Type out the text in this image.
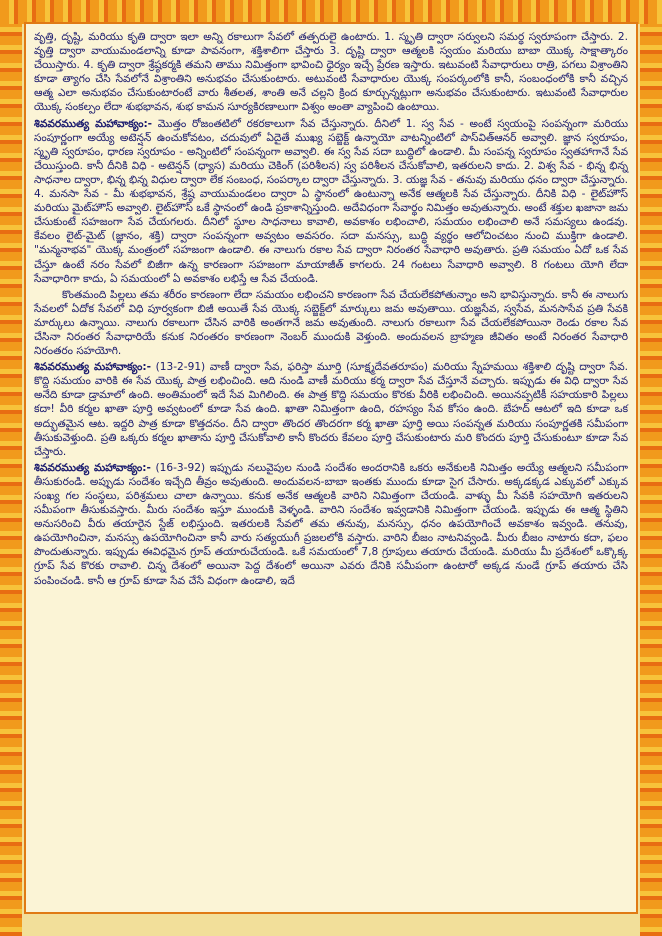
వృత్తి, దృష్టి, మరియు కృతి ద్వారా ఇలా అన్ని రకాలుగా సేవలో తత్పరులై ఉంటారు. 1. స్మృతి ద్వారా సర్వులని సమర్థ స్వరూపంగా చేస్తారు. 2. వృత్తి ద్వారా వాయుమండలాన్ని కూడా పావనంగా, శక్తిశాలిగా చేస్తారు 3. దృష్టి ద్వారా ఆత్మలకి స్వయం మరియు బాబా యొక్క సాక్షాత్కారం చేయిస్తారు. 4. కృతి ద్వారా శ్రేష్ఠకర్మకి తమని తాము నిమిత్తంగా భావించి ధైర్యం ఇచ్చే ప్రేరణ ఇస్తారు. ఇటువంటి సేవాధారులు రాత్రి, పగలు విశ్రాంతిని కూడా త్యాగం చేసి సేవలోనే విశ్రాంతిని అనుభవం చేసుకుంటారు. అటువంటి సేవాధారుల యొక్క సంపర్కంలోకి కానీ, సంబంధంలోకి కానీ వచ్చిన ఆత్మ ఎలా అనుభవం చేసుకుంటారంటే వారు శీతలత, శాంతి అనే చల్లని క్రింద కూర్చున్నట్లుగా అనుభవం చేసుకుంటారు. ఇటువంటి సేవాధారుల యొక్క సంకల్పం లేదా శుభభావన, శుభ కామన సూర్యకిరణాలుగా విశ్వం అంతా వ్యాపించి ఉంటాయి.

శివవరముత్య మహావాక్యం:- మొత్తం రోజంతటిలో రకరకాలుగా సేవ చేస్తున్నారు. దీనిలో 1. స్వ సేవ - అంటే స్వయంపై సంపన్నంగా మరియు సంపూర్ణంగా అయ్యే అటెన్షన్ ఉంచుకోవటం, చదువులో ఏదైతే ముఖ్య సబ్జెక్ట్ ఉన్నాయో వాటన్నింటిలో పాస్‌విత్‌ఆనర్ అవ్వాలి. జ్ఞాన స్వరూపం, స్మృతి స్వరూపం, ధారణ స్వరూపం - అన్నింటిలో సంపన్నంగా అవ్వాలి. ఈ స్వ సేవ సదా బుద్ధిలో ఉండాలి. మీ సంపన్న స్వరూపం స్వతహాగానే సేవ చేయిస్తుంది. కానీ దీనికి విధి - అటెన్షన్ (ధ్యాస) మరియు చెకింగ్ (పరిశీలన) స్వ పరిశీలన చేసుకోవాలి, ఇతరులని కాదు. 2. విశ్వ సేవ - భిన్న భిన్న సాధనాల ద్వారా, భిన్న భిన్న విధుల ద్వారా లేక సంబంధ, సంపర్కాల ద్వారా చేస్తున్నారు. 3. యజ్ఞ సేవ - తనువు మరియు ధనం ద్వారా చేస్తున్నారు. 4. మనసా సేవ - మీ శుభభావన, శ్రేష్ఠ వాయుమండలం ద్వారా ఏ స్థానంలో ఉంటున్నా అనేక ఆత్మలకి సేవ చేస్తున్నారు. దీనికి విధి - లైట్‌హౌస్ మరియు మైట్‌హౌస్ అవ్వాలి. లైట్‌హౌస్ ఒకే స్థానంలో ఉండి ప్రకాశాన్నిస్తుంది. అదేవిధంగా సేవార్థం నిమిత్తం అవుతున్నారు. అంటే శక్తుల ఖజానా జమ చేసుకుంటే సహజంగా సేవ చేయగలరు. దీనిలో స్థూల సాధనాలు కావాలి, అవకాశం లభించాలి, సమయం లభించాలి అనే సమస్యలు ఉండవు. కేవలం లైట్-మైట్ (జ్ఞానం, శక్తి) ద్వారా సంపన్నంగా అవ్వటం అవసరం. సదా మనస్సు, బుద్ధి వ్యర్థం ఆలోచించటం నుంచి ముక్తిగా ఉండాలి. "మన్మనాభవ" యొక్క మంత్రంలో సహజంగా ఉండాలి. ఈ నాలుగు రకాల సేవ ద్వారా నిరంతర సేవాధారి అవుతారు. ప్రతి సమయం ఏదో ఒక సేవ చేస్తూ ఉంటే నరం సేవలో బిజీగా ఉన్న కారణంగా సహజంగా మాయాజీత్ కాగలరు. 24 గంటలు సేవాధారి అవ్వాలి. 8 గంటలు యోగి లేదా సేవాధారిగా కాదు, ఏ సమయంలో ఏ అవకాశం లభిస్తే ఆ సేవ చేయండి.

కొంతమంది పిల్లలు తమ శరీరం కారణంగా లేదా సమయం లభించని కారణంగా సేవ చేయలేకపోతున్నాం అని భావిస్తున్నారు. కానీ ఈ నాలుగు సేవలలో ఏదోక సేవలో విధి పూర్వకంగా బిజీ అయితే సేవ యొక్క సబ్జెక్ట్‌లో మార్కులు జమ అవుతాయి. యజ్ఞసేవ, స్వసేవ, మనసాసేవ ప్రతి సేవకి మార్కులు ఉన్నాయి. నాలుగు రకాలుగా చేసిన వారికి అంతగానే జమ అవుతుంది. నాలుగు రకాలుగా సేవ చేయలేకపోయినా రెండు రకాల సేవ చేసినా నిరంతర సేవాధారియే కనుక నిరంతరం కారణంగా నెంబర్ ముందుకి వెళ్తుంది. అందువలన బ్రాహ్మణ జీవితం అంటే నిరంతర సేవాధారి నిరంతరం సహయోగి.

శివవరముత్య మహావాక్యం:- (13-2-91) వాణీ ద్వారా సేవ, ఫరిస్తా మూర్తి (సూక్ష్మదేవతరూపం) మరియు స్నేహమయి శక్తిశాలి దృష్టి ద్వారా సేవ. కొద్ది సమయం వారికి ఈ సేవ యొక్క పాత్ర లభించింది. ఆది నుండి వాణీ మరియు కర్మ ద్వారా సేవ చేస్తూనే వచ్చారు. ఇప్పుడు ఈ విధి ద్వారా సేవ అనేది కూడా డ్రామాలో ఉంది. అంతిమంలో ఇదే సేవ మిగిలింది. ఈ పాత్ర కొద్ది సమయం కొరకు వీరికి లభించింది. అయినప్పటికీ సహయకారి పిల్లలు కదా! వీరి కర్మల ఖాతా పూర్తి అవ్వటంలో కూడా సేవ ఉంది. ఖాతా నిమిత్తంగా ఉంది, రహస్యం సేవ కోసం ఉంది. బేహద్ ఆటలో ఇది కూడా ఒక అద్భుతమైన ఆట. ఇద్దరి పాత్ర కూడా కొత్తదనం. దీని ద్వారా తొందర తొందరగా కర్మ ఖాతా పూర్తి అయి సంపన్నత మరియు సంపూర్ణతకి సమీపంగా తీసుకువెళ్తుంది. ప్రతి ఒక్కరు కర్మల ఖాతాను పూర్తి చేసుకోవాలి కానీ కొందరు కేవలం పూర్తి చేసుకుంటారు మరి కొందరు పూర్తి చేసుకుంటూ కూడా సేవ చేస్తారు.

శివవరముత్య మహావాక్యం:- (16-3-92) ఇప్పుడు నలువైపుల నుండి సందేశం అందరానికి ఒకరు అనేకులకి నిమిత్తం అయ్యే ఆత్మలని సమీపంగా తీసుకురండి. అప్పుడు సందేశం ఇచ్చేది తీవ్రం అవుతుంది. అందువలన-బాబా ఇంతకు ముందు కూడా సైగ చేసారు. అక్కడక్కడ ఎక్కువలో ఎక్కువ సంఖ్య గల సంస్థలు, పరిశ్రమలు చాలా ఉన్నాయి. కనుక అనేక ఆత్మలకి వారిని నిమిత్తంగా చేయండి. వాళ్ళు మీ సేవకి సహయోగి ఇతరులని సమీపంగా తీసుకువస్తారు. మీరు సందేశం ఇస్తూ ముందుకి వెళ్ళండి. వారిని సందేశం ఇవ్వడానికి నిమిత్తంగా చేయండి. ఇప్పుడు ఈ ఆత్మ స్థితిని అనుసరించి వీరు తయారైన స్టేజ్ లభిస్తుంది. ఇతరులకి సేవలో తమ తనువు, మనస్సు, ధనం ఉపయోగించే అవకాశం ఇవ్వండి. తనువు, ఉపయోగించినా, మనస్సు ఉపయోగించినా కానీ వారు సత్యయుగీ ప్రజలలోకి వస్తారు. వారిని బీజం నాటనివ్వండి. మీరు బీజం నాటారు కదా, ఫలం పొందుతున్నారు. ఇప్పుడు ఈవిధమైన గ్రూప్ తయారుచేయండి. ఒకే సమయంలో 7,8 గ్రూపులు తయారు చేయండి. మరియు మీ ప్రదేశంలో ఒక్కొక్క గ్రూప్ సేవ కొరకు రావాలి. చిన్న దేశంలో అయినా పెద్ద దేశంలో అయినా ఎవరు దేనికి సమీపంగా ఉంటారో అక్కడ నుండే గ్రూప్ తయారు చేసి పంపించండి. కానీ ఆ గ్రూప్ కూడా సేవ చేసే విధంగా ఉండాలి, ఇదే
